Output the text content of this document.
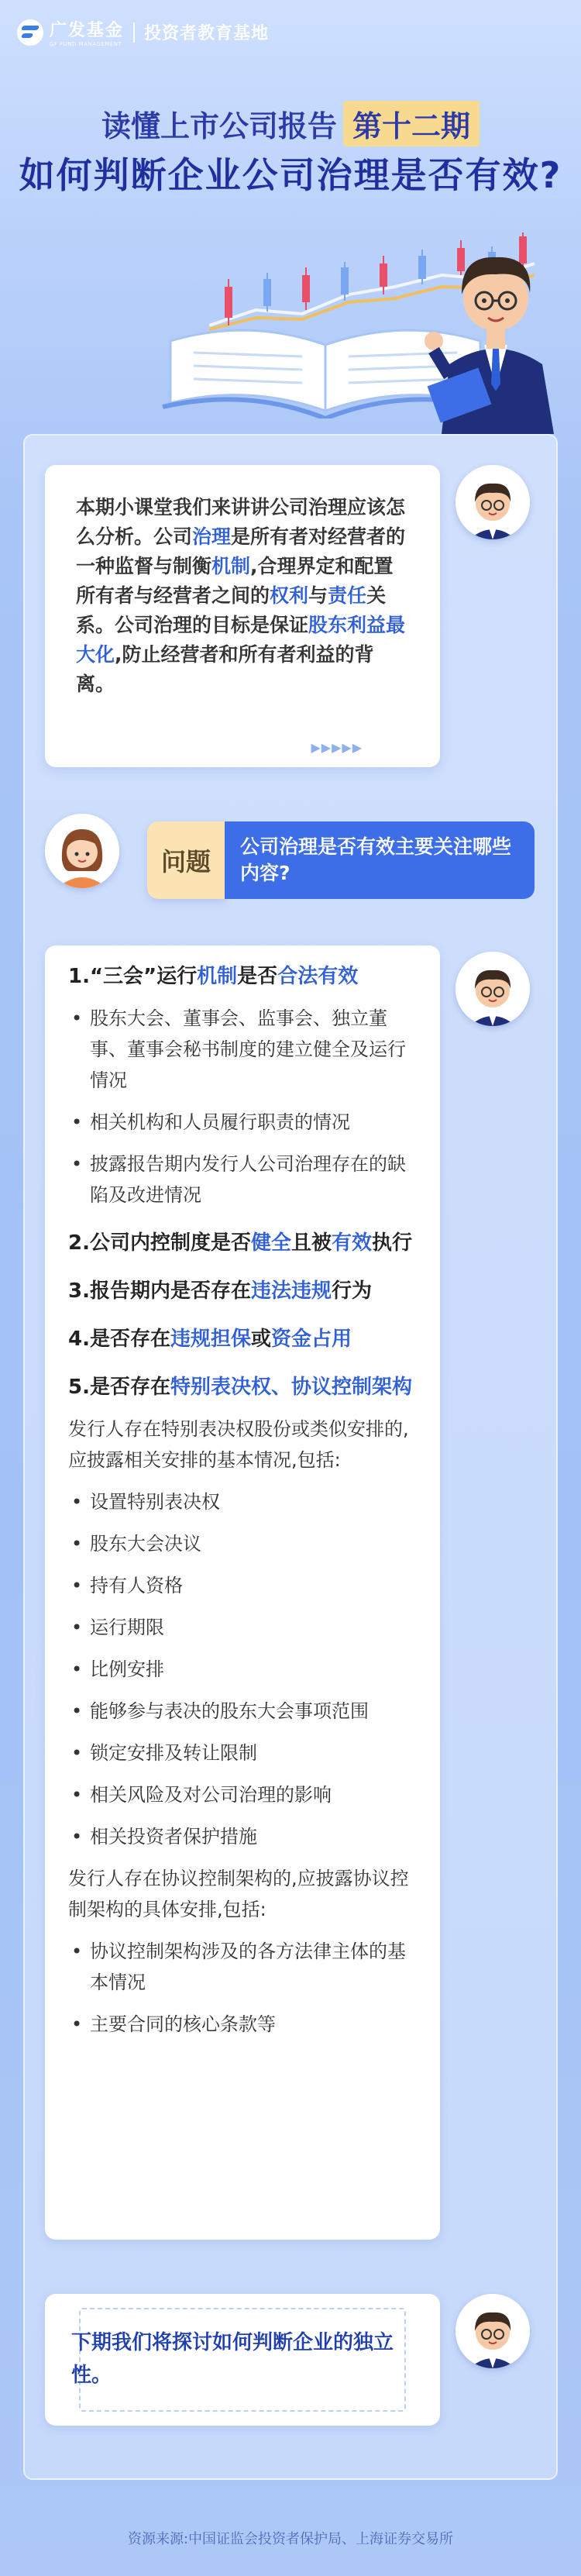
广发基金
GF FUND MANAGEMENT
投资者教育基地
读懂上市公司报告 第十二期
如何判断企业公司治理是否有效?

本期小课堂我们来讲讲公司治理应该怎么分析。公司治理是所有者对经营者的一种监督与制衡机制,合理界定和配置所有者与经营者之间的权利与责任关系。公司治理的目标是保证股东利益最大化,防止经营者和所有者利益的背离。

▶▶▶▶▶
问题
公司治理是否有效主要关注哪些内容?
1.“三会”运行机制是否合法有效
• 股东大会、董事会、监事会、独立董事、董事会秘书制度的建立健全及运行情况
• 相关机构和人员履行职责的情况
• 披露报告期内发行人公司治理存在的缺陷及改进情况
2.公司内控制度是否健全且被有效执行
3.报告期内是否存在违法违规行为
4.是否存在违规担保或资金占用
5.是否存在特别表决权、协议控制架构
发行人存在特别表决权股份或类似安排的,应披露相关安排的基本情况,包括:
• 设置特别表决权
• 股东大会决议
• 持有人资格
• 运行期限
• 比例安排
• 能够参与表决的股东大会事项范围
• 锁定安排及转让限制
• 相关风险及对公司治理的影响
• 相关投资者保护措施
发行人存在协议控制架构的,应披露协议控制架构的具体安排,包括:
• 协议控制架构涉及的各方法律主体的基本情况
• 主要合同的核心条款等
下期我们将探讨如何判断企业的独立性。
资源来源:中国证监会投资者保护局、上海证券交易所
